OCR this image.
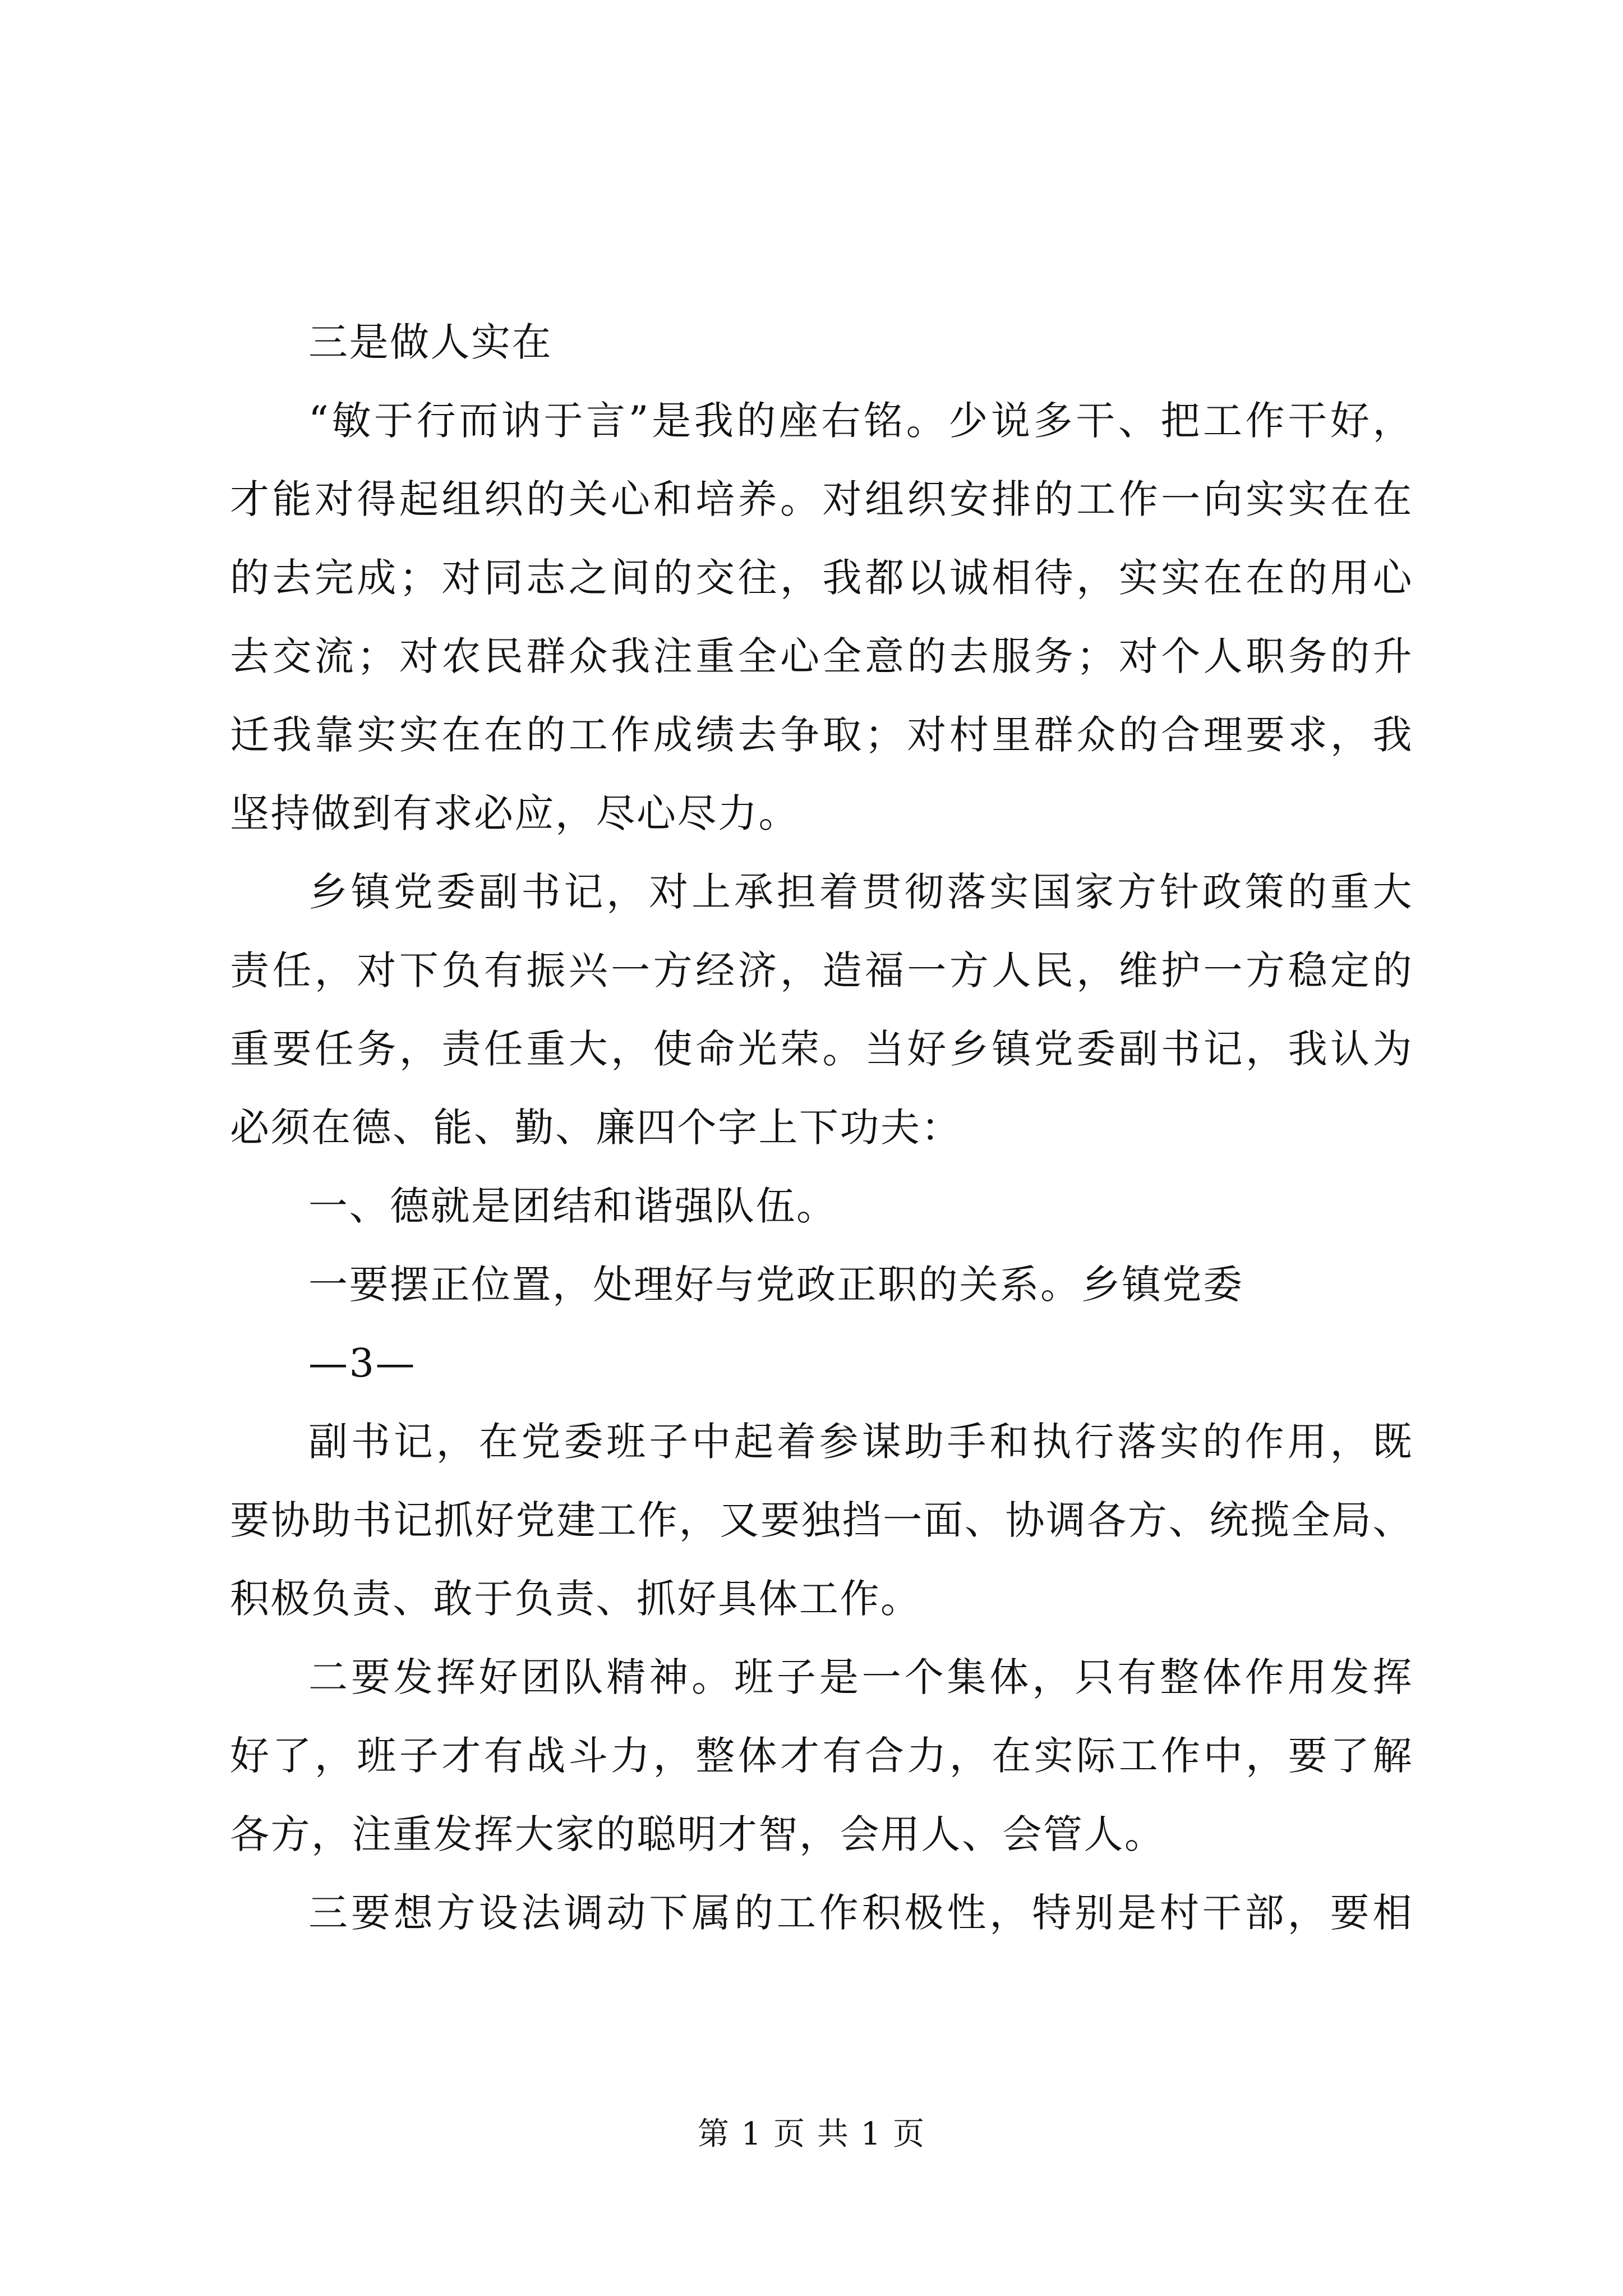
三是做人实在
“敏于行而讷于言”是我的座右铭。少说多干、把工作干好，
才能对得起组织的关心和培养。对组织安排的工作一向实实在在
的去完成；对同志之间的交往，我都以诚相待，实实在在的用心
去交流；对农民群众我注重全心全意的去服务；对个人职务的升
迁我靠实实在在的工作成绩去争取；对村里群众的合理要求，我
坚持做到有求必应，尽心尽力。
乡镇党委副书记，对上承担着贯彻落实国家方针政策的重大
责任，对下负有振兴一方经济，造福一方人民，维护一方稳定的
重要任务，责任重大，使命光荣。当好乡镇党委副书记，我认为
必须在德、能、勤、廉四个字上下功夫：
一、德就是团结和谐强队伍。
一要摆正位置，处理好与党政正职的关系。乡镇党委
—3—
副书记，在党委班子中起着参谋助手和执行落实的作用，既
要协助书记抓好党建工作，又要独挡一面、协调各方、统揽全局、
积极负责、敢于负责、抓好具体工作。
二要发挥好团队精神。班子是一个集体，只有整体作用发挥
好了，班子才有战斗力，整体才有合力，在实际工作中，要了解
各方，注重发挥大家的聪明才智，会用人、会管人。
三要想方设法调动下属的工作积极性，特别是村干部，要相
第 1 页 共 1 页
